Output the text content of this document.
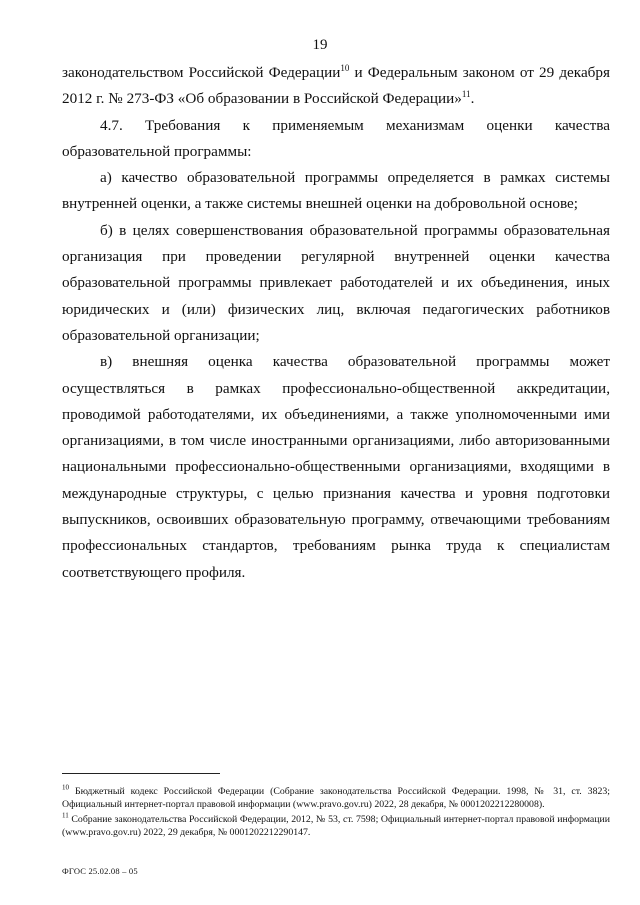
19

законодательством Российской Федерации$^{10}$ и Федеральным законом от 29 декабря 2012 г. № 273-ФЗ «Об образовании в Российской Федерации»$^{11}$.

4.7. Требования к применяемым механизмам оценки качества образовательной программы:

а) качество образовательной программы определяется в рамках системы внутренней оценки, а также системы внешней оценки на добровольной основе;

б) в целях совершенствования образовательной программы образовательная организация при проведении регулярной внутренней оценки качества образовательной программы привлекает работодателей и их объединения, иных юридических и (или) физических лиц, включая педагогических работников образовательной организации;

в) внешняя оценка качества образовательной программы может осуществляться в рамках профессионально-общественной аккредитации, проводимой работодателями, их объединениями, а также уполномоченными ими организациями, в том числе иностранными организациями, либо авторизованными национальными профессионально-общественными организациями, входящими в международные структуры, с целью признания качества и уровня подготовки выпускников, освоивших образовательную программу, отвечающими требованиям профессиональных стандартов, требованиям рынка труда к специалистам соответствующего профиля.

$^{10}$ Бюджетный кодекс Российской Федерации (Собрание законодательства Российской Федерации. 1998, № 31, ст. 3823; Официальный интернет-портал правовой информации (www.pravo.gov.ru) 2022, 28 декабря, № 0001202212280008).

$^{11}$ Собрание законодательства Российской Федерации, 2012, № 53, ст. 7598; Официальный интернет-портал правовой информации (www.pravo.gov.ru) 2022, 29 декабря, № 0001202212290147.

ФГОС 25.02.08 – 05
